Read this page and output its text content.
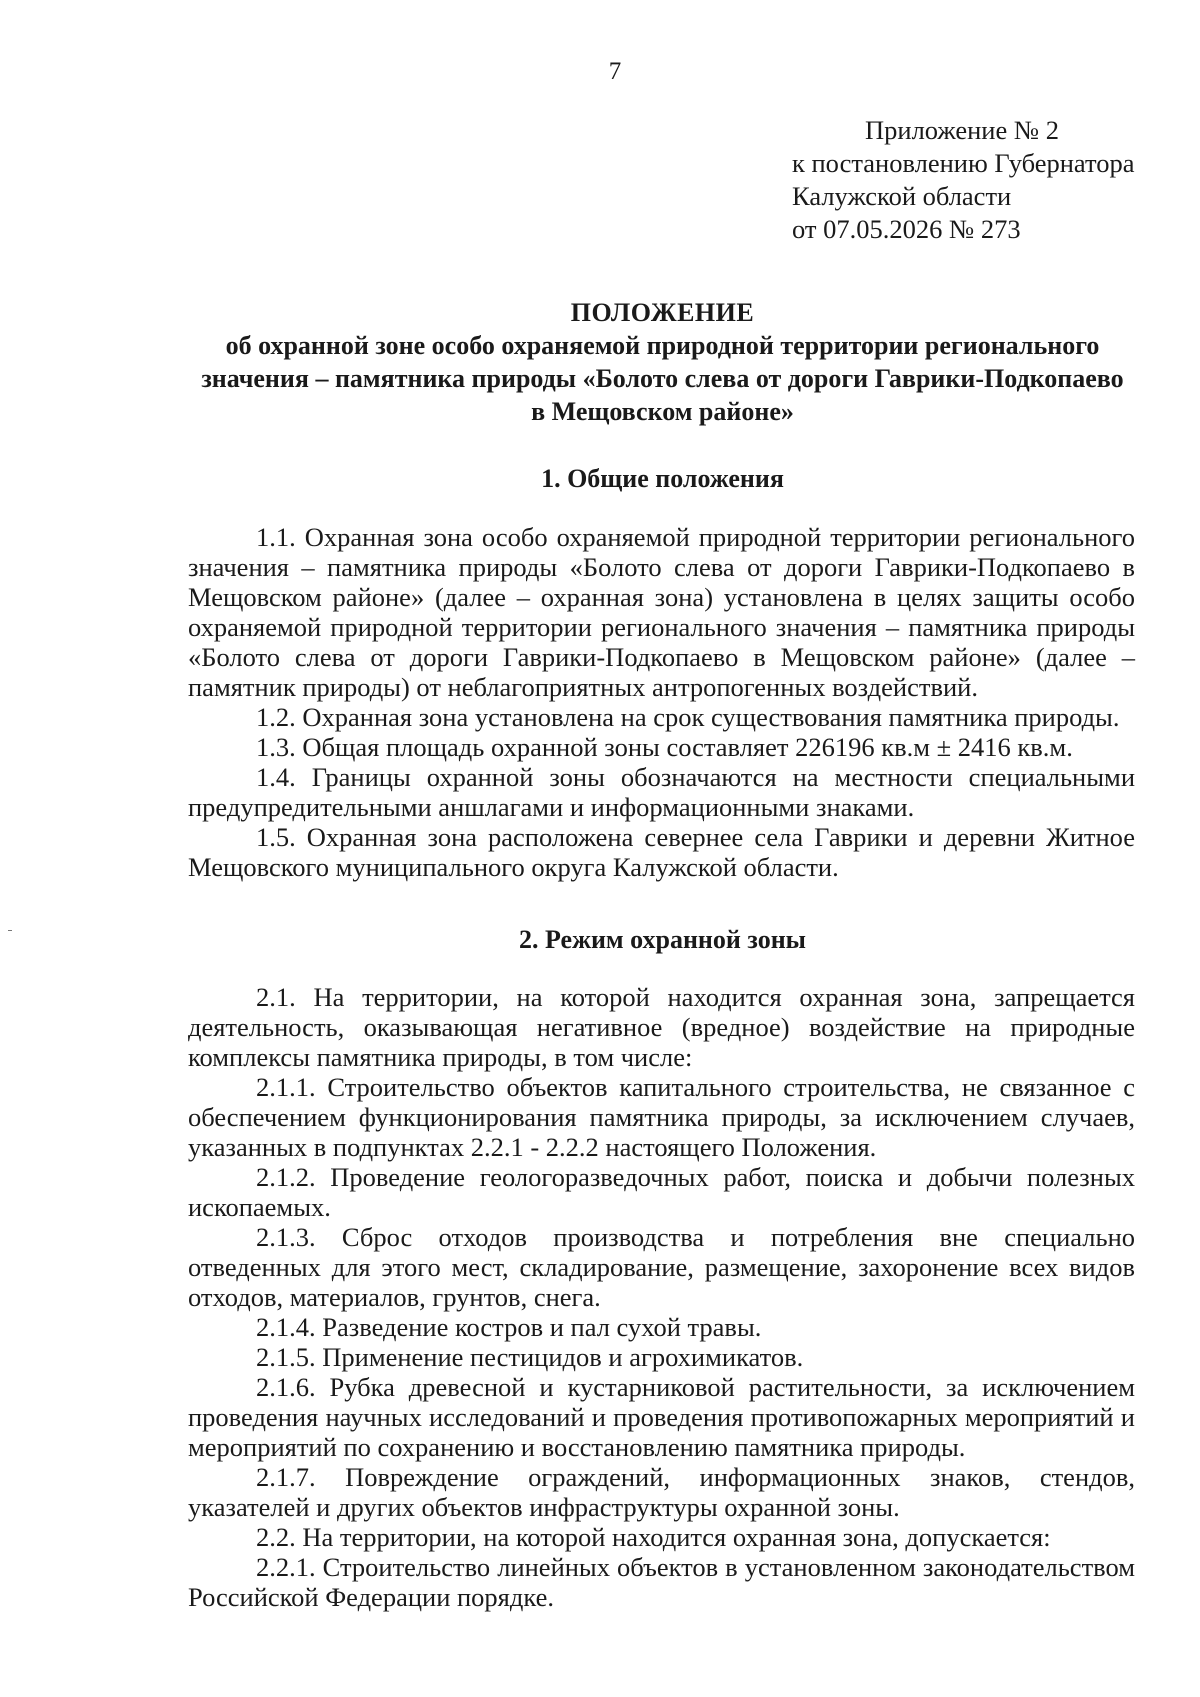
7
Приложение № 2
к постановлению Губернатора
Калужской области
от 07.05.2026 № 273
ПОЛОЖЕНИЕ
об охранной зоне особо охраняемой природной территории регионального
значения – памятника природы «Болото слева от дороги Гаврики-Подкопаево
в Мещовском районе»
1. Общие положения

1.1. Охранная зона особо охраняемой природной территории регионального значения – памятника природы «Болото слева от дороги Гаврики-Подкопаево в Мещовском районе» (далее – охранная зона) установлена в целях защиты особо охраняемой природной территории регионального значения – памятника природы «Болото слева от дороги Гаврики-Подкопаево в Мещовском районе» (далее – памятник природы) от неблагоприятных антропогенных воздействий.

1.2. Охранная зона установлена на срок существования памятника природы.

1.3. Общая площадь охранной зоны составляет 226196 кв.м ± 2416 кв.м.

1.4. Границы охранной зоны обозначаются на местности специальными предупредительными аншлагами и информационными знаками.

1.5. Охранная зона расположена севернее села Гаврики и деревни Житное Мещовского муниципального округа Калужской области.

2. Режим охранной зоны

2.1. На территории, на которой находится охранная зона, запрещается деятельность, оказывающая негативное (вредное) воздействие на природные комплексы памятника природы, в том числе:

2.1.1. Строительство объектов капитального строительства, не связанное с обеспечением функционирования памятника природы, за исключением случаев, указанных в подпунктах 2.2.1 - 2.2.2 настоящего Положения.

2.1.2. Проведение геологоразведочных работ, поиска и добычи полезных ископаемых.

2.1.3. Сброс отходов производства и потребления вне специально отведенных для этого мест, складирование, размещение, захоронение всех видов отходов, материалов, грунтов, снега.

2.1.4. Разведение костров и пал сухой травы.

2.1.5. Применение пестицидов и агрохимикатов.

2.1.6. Рубка древесной и кустарниковой растительности, за исключением проведения научных исследований и проведения противопожарных мероприятий и мероприятий по сохранению и восстановлению памятника природы.

2.1.7. Повреждение ограждений, информационных знаков, стендов, указателей и других объектов инфраструктуры охранной зоны.

2.2. На территории, на которой находится охранная зона, допускается:

2.2.1. Строительство линейных объектов в установленном законодательством Российской Федерации порядке.
